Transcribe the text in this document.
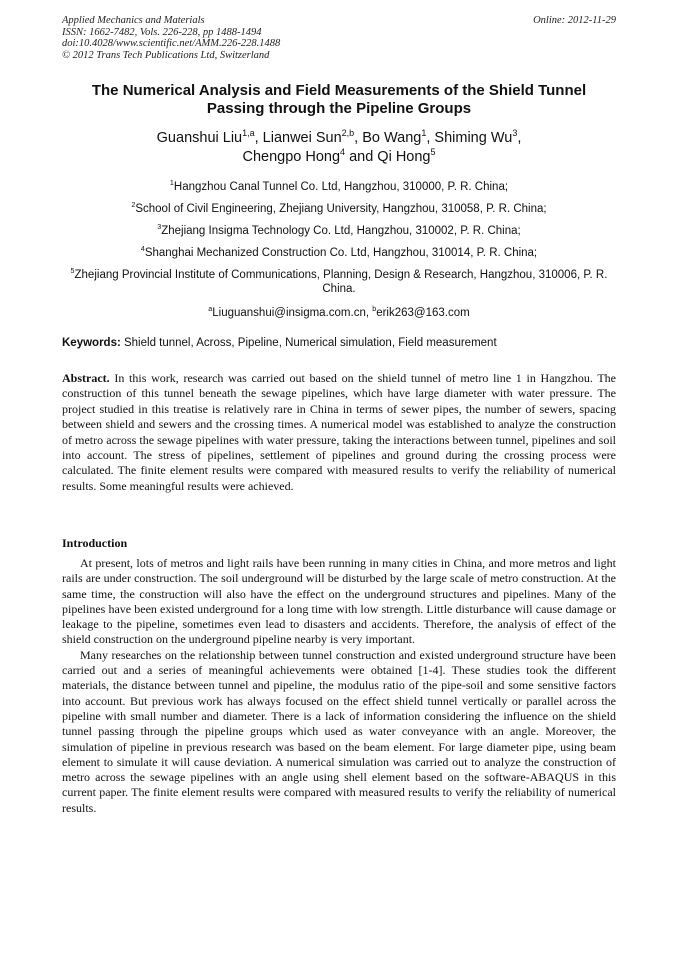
Applied Mechanics and Materials
ISSN: 1662-7482, Vols. 226-228, pp 1488-1494
doi:10.4028/www.scientific.net/AMM.226-228.1488
© 2012 Trans Tech Publications Ltd, Switzerland
Online: 2012-11-29
The Numerical Analysis and Field Measurements of the Shield Tunnel
Passing through the Pipeline Groups
Guanshui Liu$^{1,a}$, Lianwei Sun$^{2,b}$, Bo Wang$^1$, Shiming Wu$^3$,
Chengpo Hong$^4$ and Qi Hong$^5$
$^1$Hangzhou Canal Tunnel Co. Ltd, Hangzhou, 310000, P. R. China;
$^2$School of Civil Engineering, Zhejiang University, Hangzhou, 310058, P. R. China;
$^3$Zhejiang Insigma Technology Co. Ltd, Hangzhou, 310002, P. R. China;
$^4$Shanghai Mechanized Construction Co. Ltd, Hangzhou, 310014, P. R. China;
$^5$Zhejiang Provincial Institute of Communications, Planning, Design & Research, Hangzhou, 310006, P. R. China.
$^a$Liuguanshui@insigma.com.cn, $^b$erik263@163.com
Keywords: Shield tunnel, Across, Pipeline, Numerical simulation, Field measurement
Abstract. In this work, research was carried out based on the shield tunnel of metro line 1 in Hangzhou. The construction of this tunnel beneath the sewage pipelines, which have large diameter with water pressure. The project studied in this treatise is relatively rare in China in terms of sewer pipes, the number of sewers, spacing between shield and sewers and the crossing times. A numerical model was established to analyze the construction of metro across the sewage pipelines with water pressure, taking the interactions between tunnel, pipelines and soil into account. The stress of pipelines, settlement of pipelines and ground during the crossing process were calculated. The finite element results were compared with measured results to verify the reliability of numerical results. Some meaningful results were achieved.
Introduction

At present, lots of metros and light rails have been running in many cities in China, and more metros and light rails are under construction. The soil underground will be disturbed by the large scale of metro construction. At the same time, the construction will also have the effect on the underground structures and pipelines. Many of the pipelines have been existed underground for a long time with low strength. Little disturbance will cause damage or leakage to the pipeline, sometimes even lead to disasters and accidents. Therefore, the analysis of effect of the shield construction on the underground pipeline nearby is very important.

Many researches on the relationship between tunnel construction and existed underground structure have been carried out and a series of meaningful achievements were obtained [1-4]. These studies took the different materials, the distance between tunnel and pipeline, the modulus ratio of the pipe-soil and some sensitive factors into account. But previous work has always focused on the effect shield tunnel vertically or parallel across the pipeline with small number and diameter. There is a lack of information considering the influence on the shield tunnel passing through the pipeline groups which used as water conveyance with an angle. Moreover, the simulation of pipeline in previous research was based on the beam element. For large diameter pipe, using beam element to simulate it will cause deviation. A numerical simulation was carried out to analyze the construction of metro across the sewage pipelines with an angle using shell element based on the software-ABAQUS in this current paper. The finite element results were compared with measured results to verify the reliability of numerical results.
